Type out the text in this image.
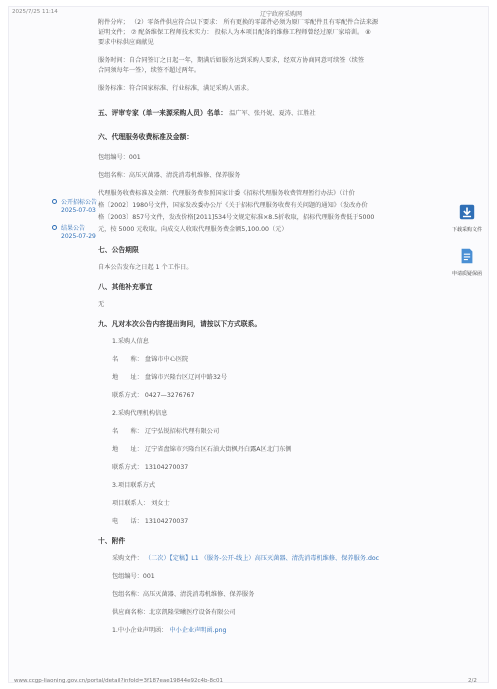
2025/7/25 11:14	辽宁政府采购网
公开招标公告
2025-07-03
结果公告
2025-07-29
下载采购文件
申请质疑保函
附件分库； （2）零备件供应符合以下要求： 所有更换的零部件必须为原厂零配件且有零配件合法来源
证明文件； ⑦ 配备维保工程师技术实力： 投标人为本项目配备的维修工程师曾经过原厂家培训。 ⑧
要求中标供应商献见
服务时间：自合同签订之日起一年，期满后如服务达到采购人要求，经双方协商同意可续签（续签
合同须每年一签），续签不超过两年。
服务标准：符合国家标准、行业标准，满足采购人需求。
五、评审专家（单一来源采购人员）名单： 温广军、张丹妮、夏涛、江胜社
六、代理服务收费标准及金额：
包组编号：001
包组名称：高压灭菌器、清洗消毒机维修、保养服务
代理服务收费标准及金额：代理服务费参照国家计委《招标代理服务收费管理暂行办法》（计价
格〔2002〕1980号文件，国家发改委办公厅《关于招标代理服务收费有关问题的通知》（发改办价
格〔2003〕857号文件，发改价格[2011]534号文规定标准×8.5折收取，招标代理服务费低于5000
元，按 5000 元收取。向成交人收取代理服务费金额5,100.00（元）
七、公告期限
自本公告发布之日起 1 个工作日。
八、其他补充事宜
无
九、凡对本次公告内容提出询问，请按以下方式联系。
1.采购人信息
名　　称： 盘锦市中心医院
地　　址： 盘锦市兴隆台区辽河中路32号
联系方式： 0427—3276767
2.采购代理机构信息
名　　称： 辽宁弘锐招标代理有限公司
地　　址： 辽宁省盘锦市兴隆台区石油大街枫丹白露A区北门东侧
联系方式： 13104270037
3.项目联系方式
项目联系人： 刘女士
电　　话： 13104270037
十、附件
采购文件： （二次）【定稿】L1 （服务-公开-线上）高压灭菌器、清洗消毒机维修、保养服务.doc
包组编号：001
包组名称：高压灭菌器、清洗消毒机维修、保养服务
供应商名称：北京凯隆荣曦医疗设备有限公司
1.中小企业声明函： 中小企业声明函.png
www.ccgp-liaoning.gov.cn/portal/detail?infoId=3f187eae19844e92c4b-8c01	2/2
